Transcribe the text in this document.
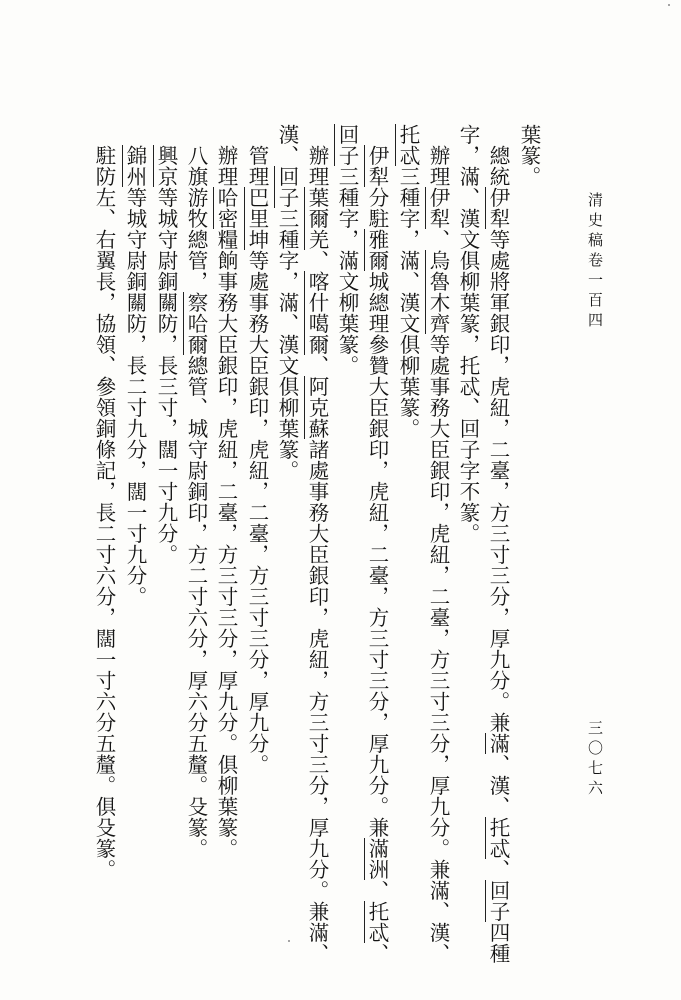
清史稿卷一百四
三〇七六
葉篆。
　總統伊犁等處將軍銀印，虎紐，二臺，方三寸三分，厚九分。兼滿、漢、托忒、回子四種
字，滿、漢文俱柳葉篆，托忒、回子字不篆。
　辦理伊犁、烏魯木齊等處事務大臣銀印，虎紐，二臺，方三寸三分，厚九分。兼滿、漢、
托忒三種字，滿、漢文俱柳葉篆。
　伊犁分駐雅爾城總理參贊大臣銀印，虎紐，二臺，方三寸三分，厚九分。兼滿洲、托忒、
回子三種字，滿文柳葉篆。
　辦理葉爾羌、喀什噶爾、阿克蘇諸處事務大臣銀印，虎紐，方三寸三分，厚九分。兼滿、
漢、回子三種字，滿、漢文俱柳葉篆。
　管理巴里坤等處事務大臣銀印，虎紐，二臺，方三寸三分，厚九分。
　辦理哈密糧餉事務大臣銀印，虎紐，二臺，方三寸三分，厚九分。俱柳葉篆。
　八旗游牧總管，察哈爾總管、城守尉銅印，方二寸六分，厚六分五釐。殳篆。
　興京等城守尉銅關防，長三寸，闊一寸九分。
　錦州等城守尉銅關防，長二寸九分，闊一寸九分。
　駐防左、右翼長，協領、參領銅條記，長二寸六分，闊一寸六分五釐。俱殳篆。
